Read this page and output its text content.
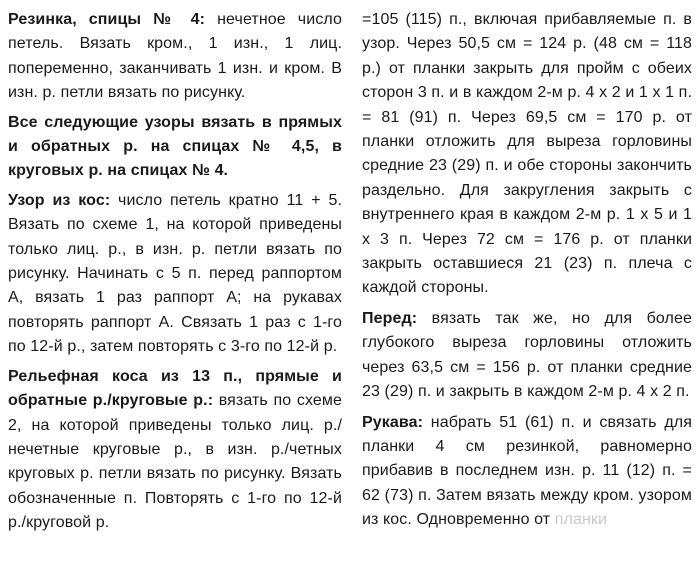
Резинка, спицы № 4: нечетное число петель. Вязать кром., 1 изн., 1 лиц. попеременно, заканчивать 1 изн. и кром. В изн. р. петли вязать по рисунку.

Все следующие узоры вязать в прямых и обратных р. на спицах № 4,5, в круговых р. на спицах № 4.

Узор из кос: число петель кратно 11 + 5. Вязать по схеме 1, на которой приведены только лиц. р., в изн. р. петли вязать по рисунку. Начинать с 5 п. перед раппортом А, вязать 1 раз раппорт А; на рукавах повторять раппорт А. Связать 1 раз с 1-го по 12-й р., затем повторять с 3-го по 12-й р.

Рельефная коса из 13 п., прямые и обратные р./круговые р.: вязать по схеме 2, на которой приведены только лиц. р./нечетные круговые р., в изн. р./четных круговых р. петли вязать по рисунку. Вязать обозначенные п. Повторять с 1-го по 12-й р./круговой р.

=105 (115) п., включая прибавляемые п. в узор. Через 50,5 см = 124 р. (48 см = 118 р.) от планки закрыть для пройм с обеих сторон 3 п. и в каждом 2-м р. 4 х 2 и 1 х 1 п. = 81 (91) п. Через 69,5 см = 170 р. от планки отложить для выреза горловины средние 23 (29) п. и обе стороны закончить раздельно. Для закругления закрыть с внутреннего края в каждом 2-м р. 1 х 5 и 1 х 3 п. Через 72 см = 176 р. от планки закрыть оставшиеся 21 (23) п. плеча с каждой стороны.

Перед: вязать так же, но для более глубокого выреза горловины отложить через 63,5 см = 156 р. от планки средние 23 (29) п. и закрыть в каждом 2-м р. 4 х 2 п.

Рукава: набрать 51 (61) п. и связать для планки 4 см резинкой, равномерно прибавив в последнем изн. р. 11 (12) п. = 62 (73) п. Затем вязать между кром. узором из кос. Одновременно от планки
